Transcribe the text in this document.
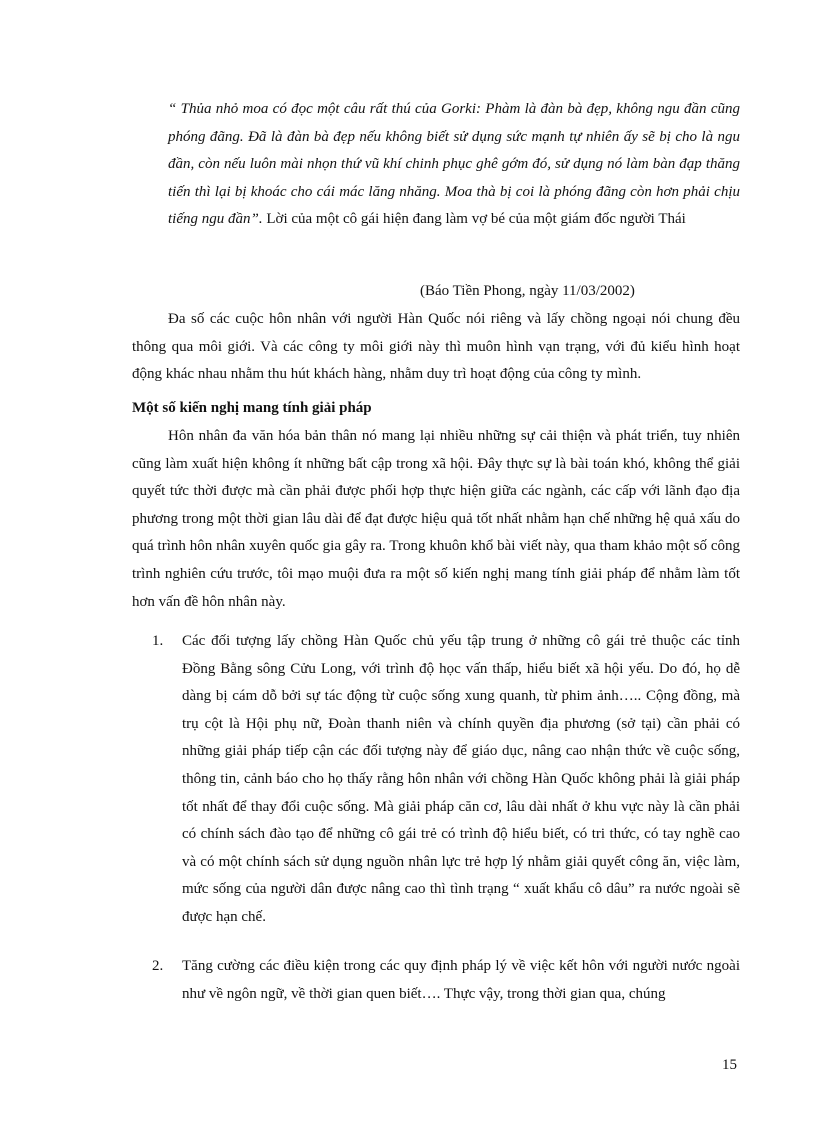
“ Thủa nhỏ moa có đọc một câu rất thú của Gorki: Phàm là đàn bà đẹp, không ngu đần cũng phóng đãng. Đã là đàn bà đẹp nếu không biết sử dụng sức mạnh tự nhiên ấy sẽ bị cho là ngu đần, còn nếu luôn mài nhọn thứ vũ khí chinh phục ghê gớm đó, sử dụng nó làm bàn đạp thăng tiến thì lại bị khoác cho cái mác lăng nhăng. Moa thà bị coi là phóng đãng còn hơn phải chịu tiếng ngu đần”. Lời của một cô gái hiện đang làm vợ bé của một giám đốc người Thái
(Báo Tiền Phong, ngày 11/03/2002)
Đa số các cuộc hôn nhân với người Hàn Quốc nói riêng và lấy chồng ngoại nói chung đều thông qua môi giới. Và các công ty môi giới này thì muôn hình vạn trạng, với đủ kiểu hình hoạt động khác nhau nhằm thu hút khách hàng, nhằm duy trì hoạt động của công ty mình.
Một số kiến nghị mang tính giải pháp
Hôn nhân đa văn hóa bản thân nó mang lại nhiều những sự cải thiện và phát triển, tuy nhiên cũng làm xuất hiện không ít những bất cập trong xã hội. Đây thực sự là bài toán khó, không thể giải quyết tức thời được mà cần phải được phối hợp thực hiện giữa các ngành, các cấp với lãnh đạo địa phương trong một thời gian lâu dài để đạt được hiệu quả tốt nhất nhằm hạn chế những hệ quả xấu do quá trình hôn nhân xuyên quốc gia gây ra. Trong khuôn khổ bài viết này, qua tham khảo một số công trình nghiên cứu trước, tôi mạo muội đưa ra một số kiến nghị mang tính giải pháp để nhằm làm tốt hơn vấn đề hôn nhân này.
1. Các đối tượng lấy chồng Hàn Quốc chủ yếu tập trung ở những cô gái trẻ thuộc các tỉnh Đồng Bằng sông Cửu Long, với trình độ học vấn thấp, hiểu biết xã hội yếu. Do đó, họ dễ dàng bị cám dỗ bởi sự tác động từ cuộc sống xung quanh, từ phim ảnh….. Cộng đồng, mà trụ cột là Hội phụ nữ, Đoàn thanh niên và chính quyền địa phương (sở tại) cần phải có những giải pháp tiếp cận các đối tượng này để giáo dục, nâng cao nhận thức về cuộc sống, thông tin, cảnh báo cho họ thấy rằng hôn nhân với chồng Hàn Quốc không phải là giải pháp tốt nhất để thay đổi cuộc sống. Mà giải pháp căn cơ, lâu dài nhất ở khu vực này là cần phải có chính sách đào tạo để những cô gái trẻ có trình độ hiểu biết, có tri thức, có tay nghề cao và có một chính sách sử dụng nguồn nhân lực trẻ hợp lý nhằm giải quyết công ăn, việc làm, mức sống của người dân được nâng cao thì tình trạng “ xuất khẩu cô dâu” ra nước ngoài sẽ được hạn chế.
2. Tăng cường các điều kiện trong các quy định pháp lý về việc kết hôn với người nước ngoài như về ngôn ngữ, về thời gian quen biết…. Thực vậy, trong thời gian qua, chúng
15
